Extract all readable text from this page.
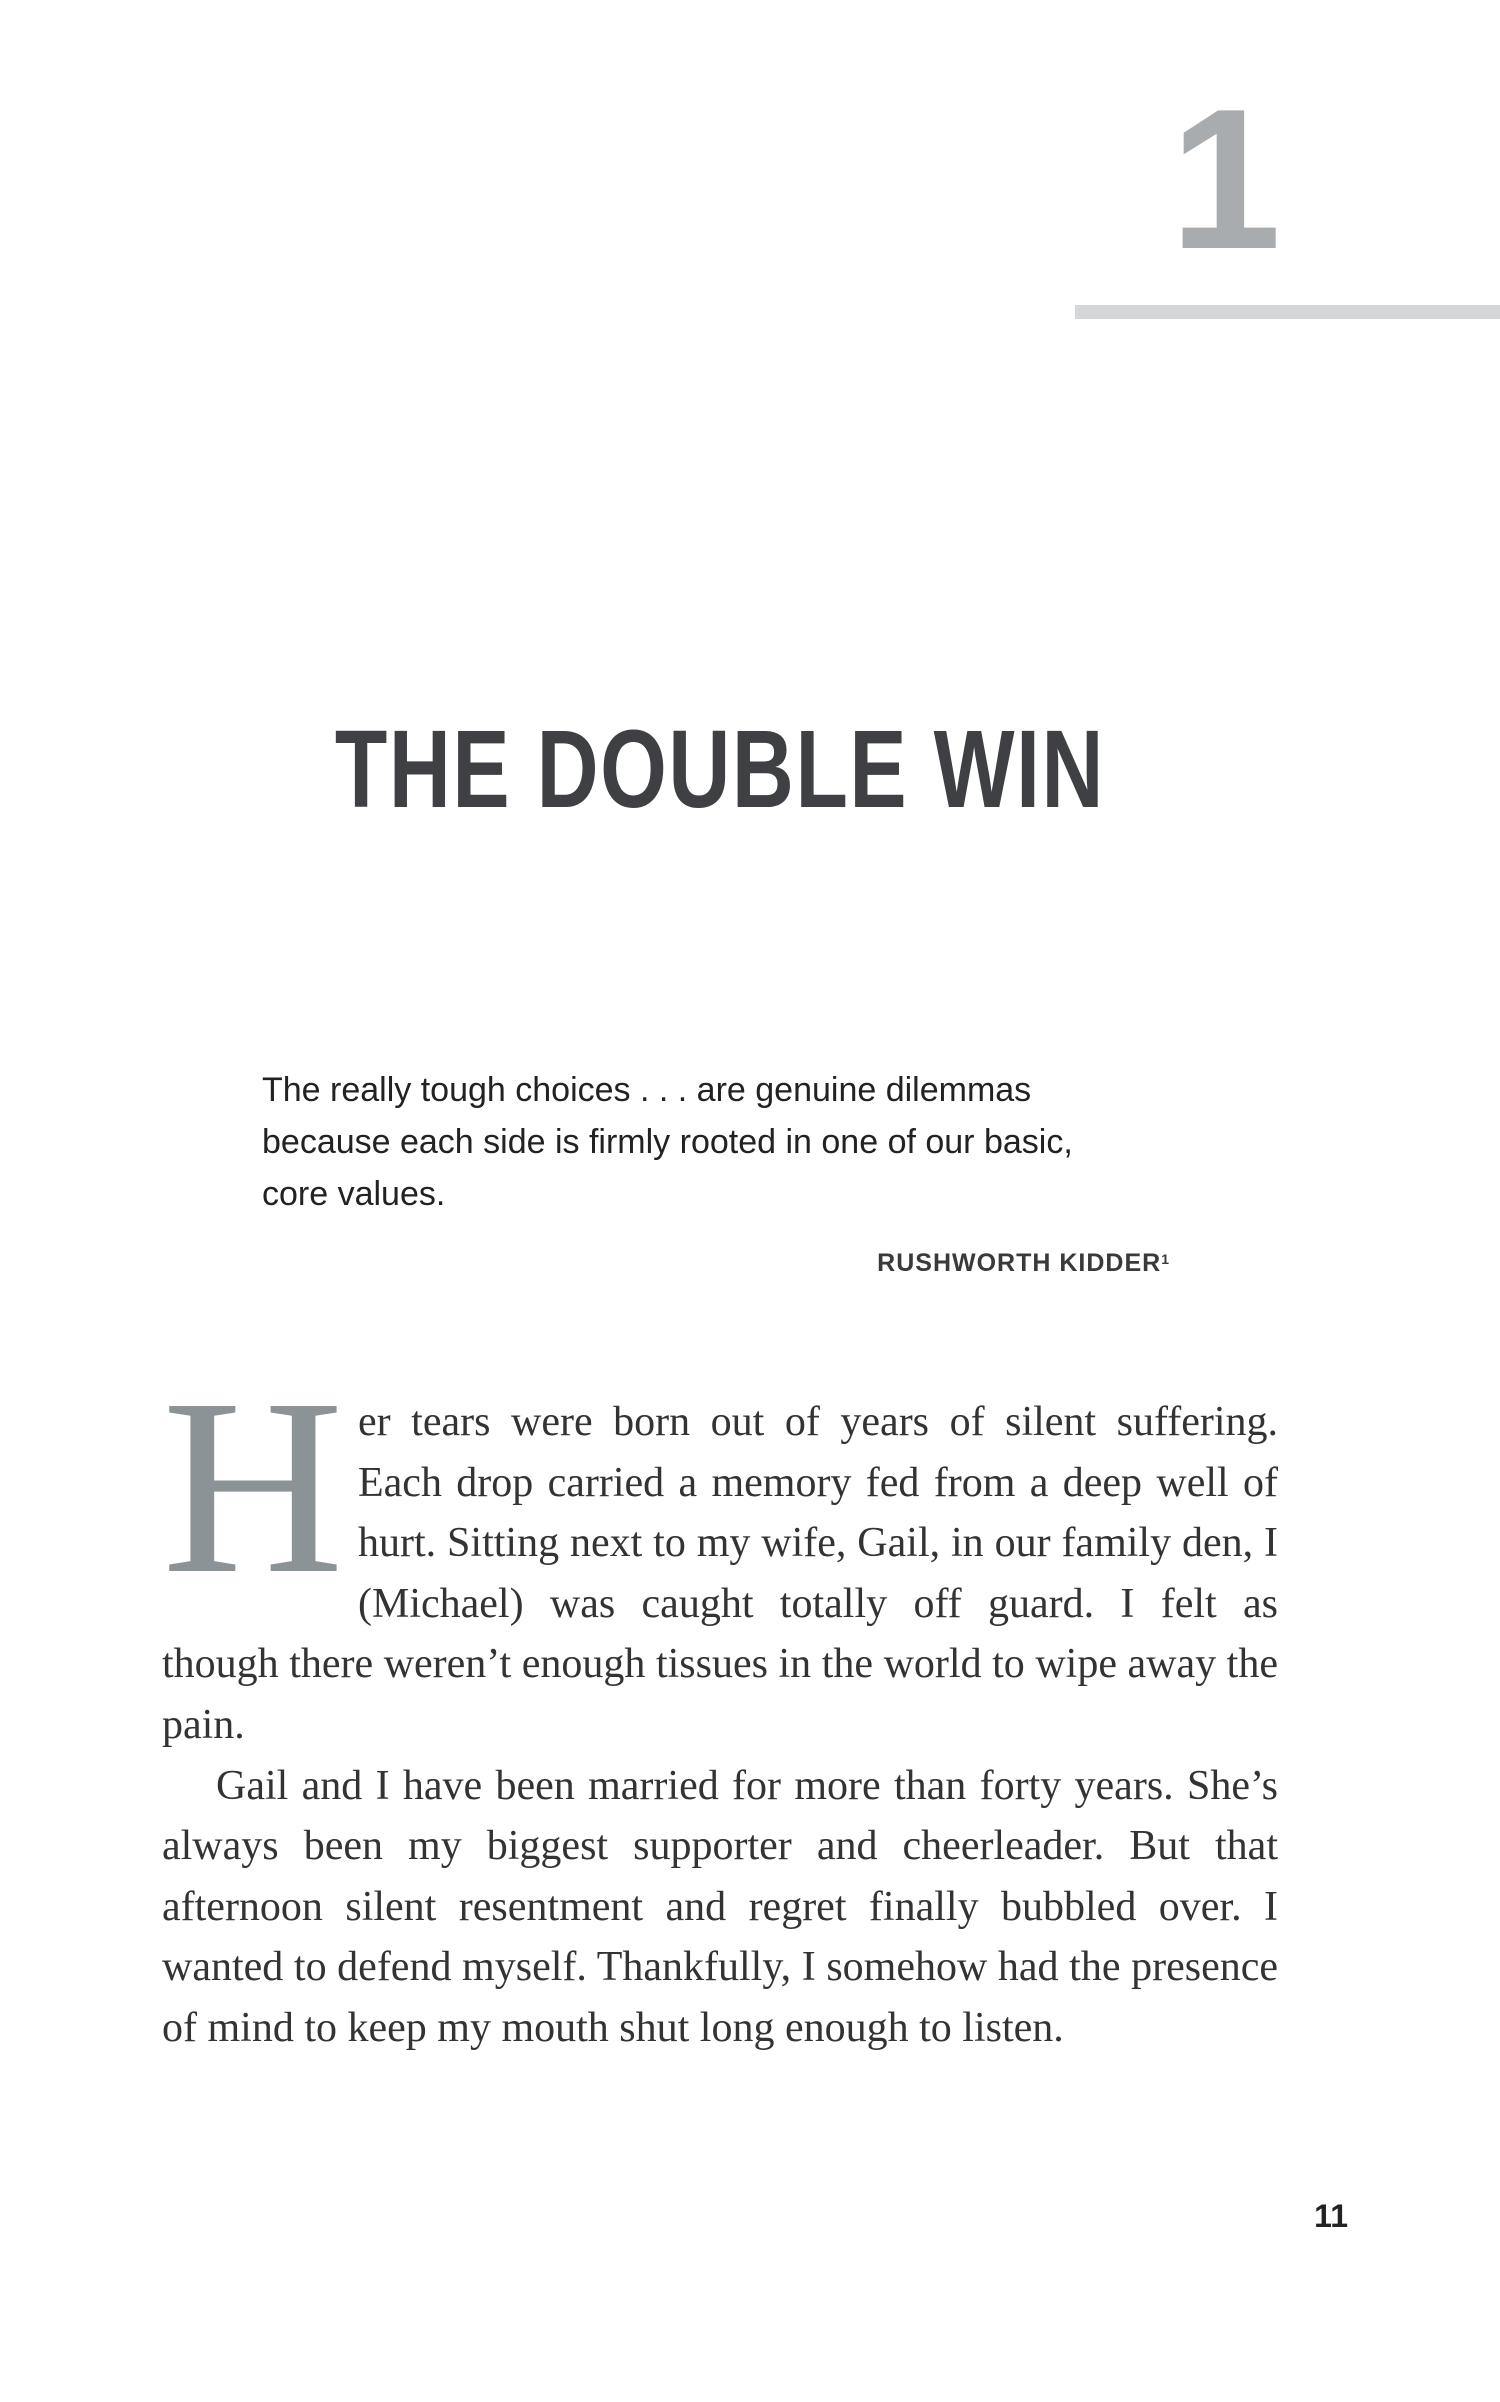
1
THE DOUBLE WIN
The really tough choices . . . are genuine dilemmas
because each side is firmly rooted in one of our basic,
core values.
RUSHWORTH KIDDER$^1$

Her tears were born out of years of silent suffering. Each drop carried a memory fed from a deep well of hurt. Sitting next to my wife, Gail, in our family den, I (Michael) was caught totally off guard. I felt as though there weren’t enough tissues in the world to wipe away the pain.

Gail and I have been married for more than forty years. She’s always been my biggest supporter and cheerleader. But that afternoon silent resentment and regret finally bubbled over. I wanted to defend myself. Thankfully, I somehow had the presence of mind to keep my mouth shut long enough to listen.

11
